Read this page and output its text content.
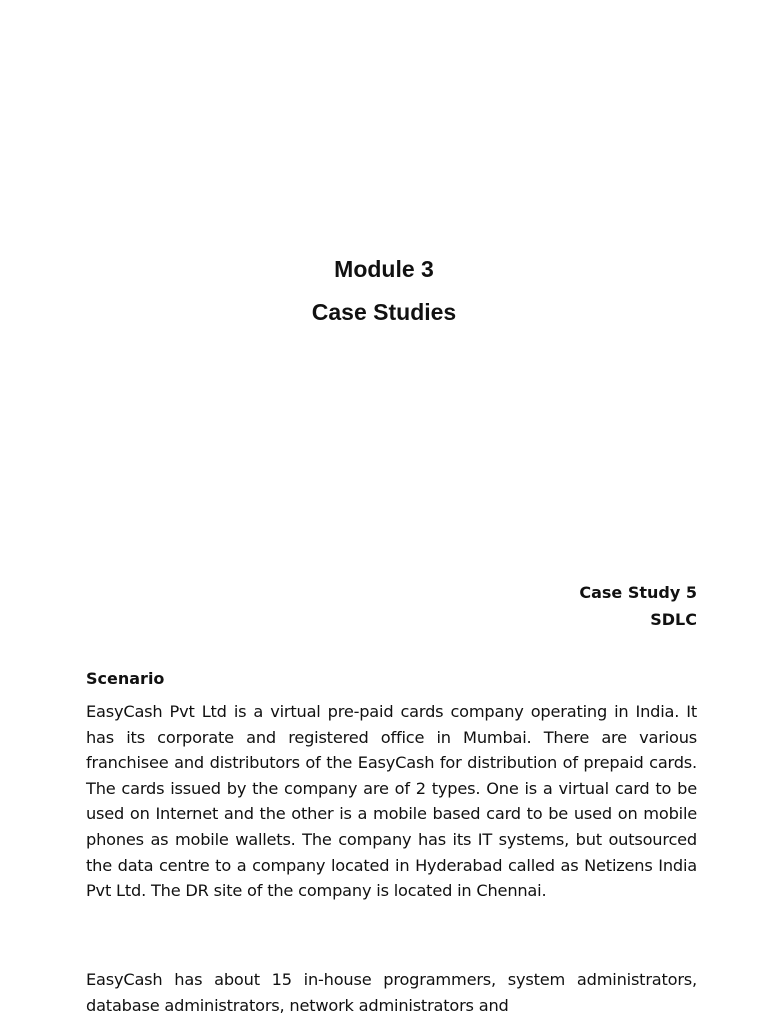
Module 3
Case Studies
Case Study 5
SDLC
Scenario

EasyCash Pvt Ltd is a virtual pre-paid cards company operating in India. It has its corporate and registered office in Mumbai. There are various franchisee and distributors of the EasyCash for distribution of prepaid cards. The cards issued by the company are of 2 types. One is a virtual card to be used on Internet and the other is a mobile based card to be used on mobile phones as mobile wallets. The company has its IT systems, but outsourced the data centre to a company located in Hyderabad called as Netizens India Pvt Ltd. The DR site of the company is located in Chennai.

EasyCash has about 15 in-house programmers, system administrators, database administrators, network administrators and
